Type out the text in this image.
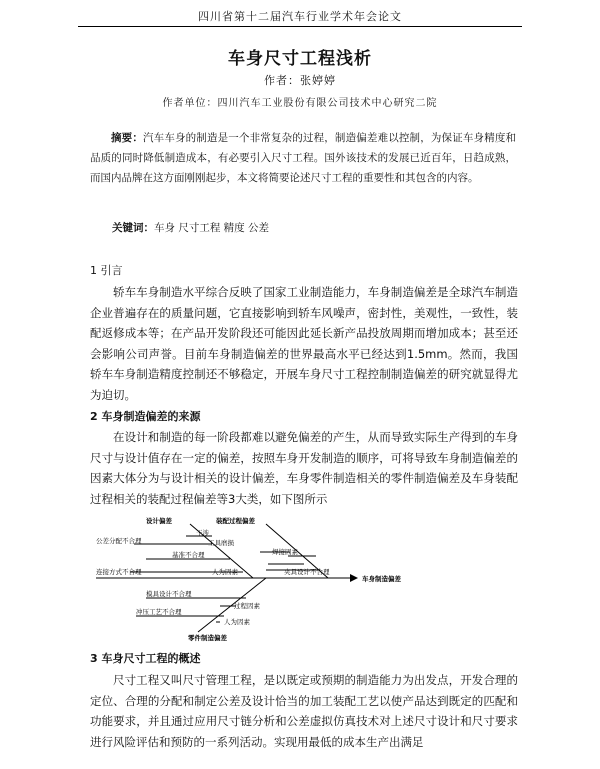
四川省第十二届汽车行业学术年会论文
车身尺寸工程浅析
作者：张婷婷
作者单位：四川汽车工业股份有限公司技术中心研究二院
摘要：汽车车身的制造是一个非常复杂的过程，制造偏差难以控制，为保证车身精度和品质的同时降低制造成本，有必要引入尺寸工程。国外该技术的发展已近百年，日趋成熟，而国内品牌在这方面刚刚起步，本文将简要论述尺寸工程的重要性和其包含的内容。
关键词：车身 尺寸工程 精度 公差
1 引言
轿车车身制造水平综合反映了国家工业制造能力，车身制造偏差是全球汽车制造企业普遍存在的质量问题，它直接影响到轿车风噪声，密封性，美观性，一致性，装配返修成本等；在产品开发阶段还可能因此延长新产品投放周期而增加成本；甚至还会影响公司声誉。目前车身制造偏差的世界最高水平已经达到1.5mm。然而，我国轿车车身制造精度控制还不够稳定，开展车身尺寸工程控制制造偏差的研究就显得尤为迫切。
2 车身制造偏差的来源
在设计和制造的每一阶段都难以避免偏差的产生，从而导致实际生产得到的车身尺寸与设计值存在一定的偏差，按照车身开发制造的顺序，可将导致车身制造偏差的因素大体分为与设计相关的设计偏差，车身零件制造相关的零件制造偏差及车身装配过程相关的装配过程偏差等3大类，如下图所示
设计偏差	装配过程偏差
零件制造偏差
车身制造偏差
干涉
公差分配不合理	工具磨损
基准不合理	焊接因素
连接方式不合理	人为因素	夹具设计不合理
模具设计不合理
过程因素
冲压工艺不合理
人为因素
3 车身尺寸工程的概述
尺寸工程又叫尺寸管理工程，是以既定或预期的制造能力为出发点，开发合理的定位、合理的分配和制定公差及设计恰当的加工装配工艺以使产品达到既定的匹配和功能要求，并且通过应用尺寸链分析和公差虚拟仿真技术对上述尺寸设计和尺寸要求进行风险评估和预防的一系列活动。实现用最低的成本生产出满足
